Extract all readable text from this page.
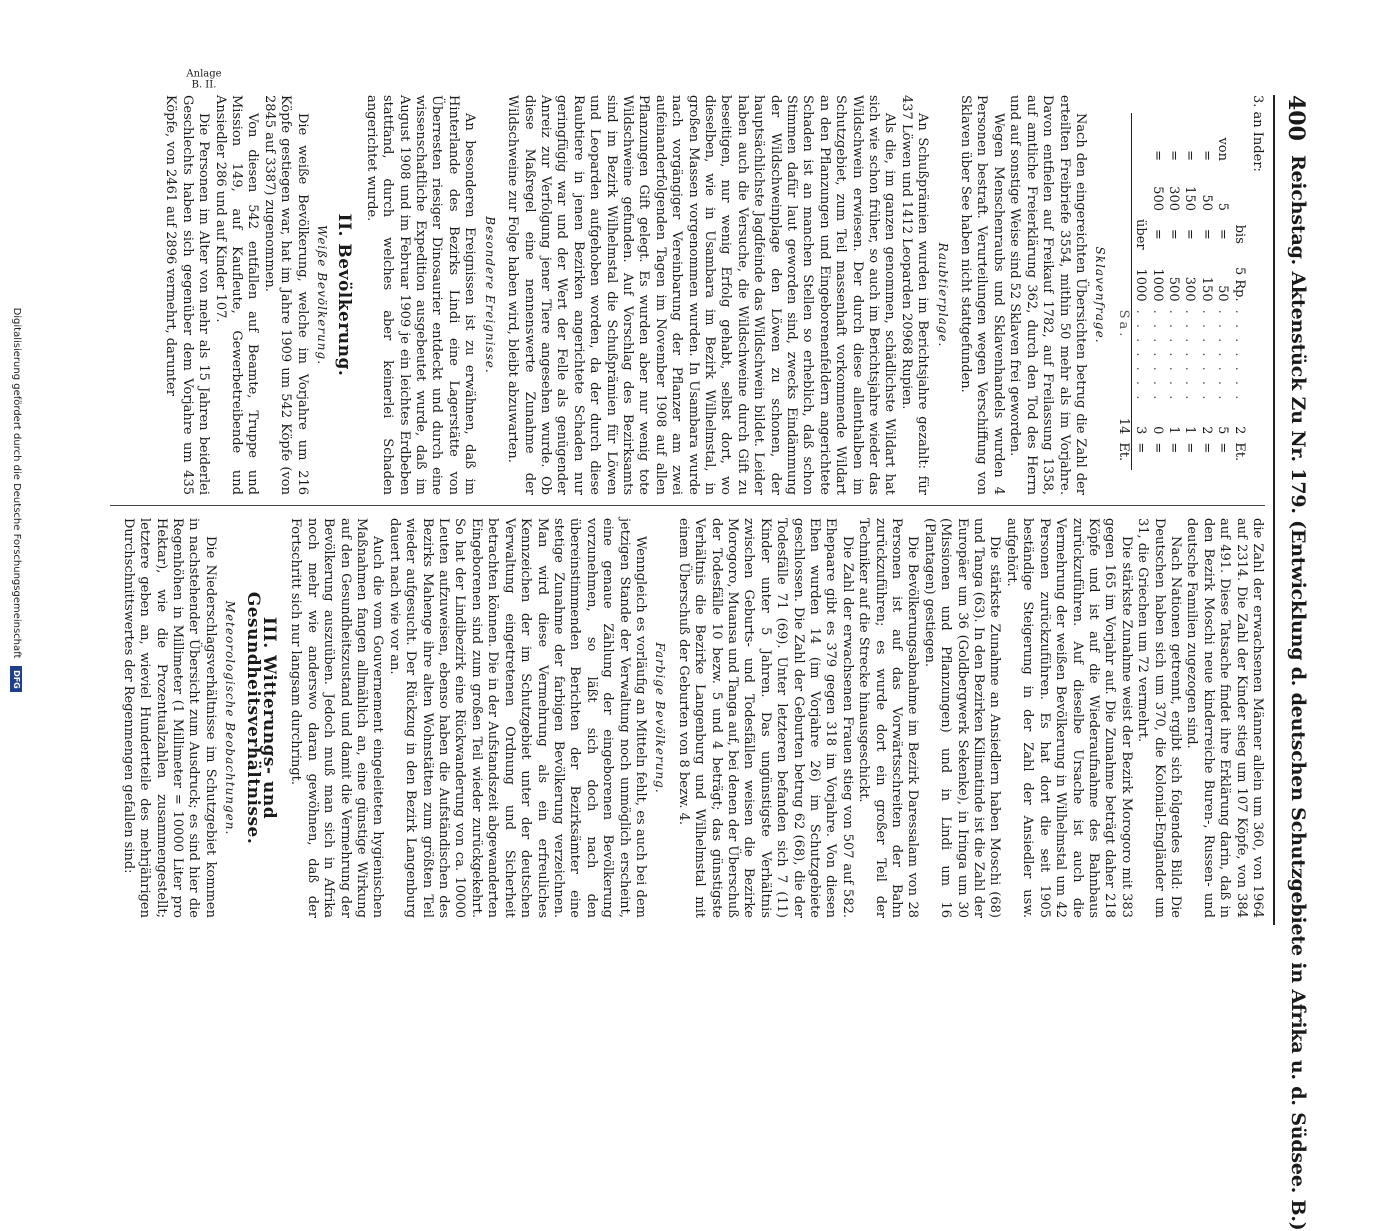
400
Reichstag. Aktenstück Zu Nr. 179. (Entwicklung d. deutschen Schutzgebiete in Afrika u. d. Südsee. B.)
Anlage
B. II.

3. an Inder:

		bis	5 Rp.	. . . . . . .	2	Et.
von	5	=	50	. . . . . . .	5	=
=	50	=	150	. . . . . . .	2	=
=	150	=	300	. . . . . . .	1	=
=	300	=	500	. . . . . . .	1	=
=	500	=	1000	. . . . . . .	0	=
		über	1000	. . . . . . .	3	=
				Sa.	14	Et.
Sklavenfrage.

Nach den eingereichten Übersichten betrug die Zahl der erteilten Freibriefe 3554, mithin 50 mehr als im Vorjahre. Davon entfielen auf Freikauf 1782, auf Freilassung 1358, auf amtliche Freierklärung 362, durch den Tod des Herrn und auf sonstige Weise sind 52 Sklaven frei geworden.

Wegen Menschenraubs und Sklavenhandels wurden 4 Personen bestraft. Verurteilungen wegen Verschiffung von Sklaven über See haben nicht stattgefunden.

Raubtierplage.

An Schußprämien wurden im Berichtsjahre gezahlt: für 437 Löwen und 1412 Leoparden 20968 Rupien.

Als die, im ganzen genommen, schädlichste Wildart hat sich wie schon früher, so auch im Berichtsjahre wieder das Wildschwein erwiesen. Der durch diese allenthalben im Schutzgebiet, zum Teil massenhaft vorkommende Wildart an den Pflanzungen und Eingeborenenfeldern angerichtete Schaden ist an manchen Stellen so erheblich, daß schon Stimmen dafür laut geworden sind, zwecks Eindämmung der Wildschweinplage den Löwen zu schonen, der hauptsächlichste Jagdfeinde das Wildschwein bildet. Leider haben auch die Versuche, die Wildschweine durch Gift zu beseitigen, nur wenig Erfolg gehabt, selbst dort, wo dieselben, wie in Usambara im Bezirk Wilhelmstal, in großen Massen vorgenommen wurden. In Usambara wurde nach vorgängiger Vereinbarung der Pflanzer am zwei aufeinanderfolgenden Tagen im November 1908 auf allen Pflanzungen Gift gelegt. Es wurden aber nur wenig tote Wildschweine gefunden. Auf Vorschlag des Bezirksamts sind im Bezirk Wilhelmstal die Schußprämien für Löwen und Leoparden aufgehoben worden, da der durch diese Raubtiere in jenen Bezirken angerichtete Schaden nur geringfügig war und der Wert der Felle als genügender Anreiz zur Verfolgung jener Tiere angesehen wurde. Ob diese Maßregel eine nennenswerte Zunahme der Wildschweine zur Folge haben wird, bleibt abzuwarten.

Besondere Ereignisse.

An besonderen Ereignissen ist zu erwähnen, daß im Hinterlande des Bezirks Lindi eine Lagerstätte von Überresten riesiger Dinosaurier entdeckt und durch eine wissenschaftliche Expedition ausgebeutet wurde, daß im August 1908 und im Februar 1909 je ein leichtes Erdbeben stattfand, durch welches aber keinerlei Schaden angerichtet wurde.

II. Bevölkerung.
Weiße Bevölkerung.

Die weiße Bevölkerung, welche im Vorjahre um 216 Köpfe gestiegen war, hat im Jahre 1909 um 542 Köpfe (von 2845 auf 3387) zugenommen.

Von diesen 542 entfallen auf Beamte, Truppe und Mission 149, auf Kaufleute, Gewerbetreibende und Ansiedler 286 und auf Kinder 107.

Die Personen im Alter von mehr als 15 Jahren beiderlei Geschlechts haben sich gegenüber dem Vorjahre um 435 Köpfe, von 2461 auf 2896 vermehrt, darunter

die Zahl der erwachsenen Männer allein um 360, von 1964 auf 2314. Die Zahl der Kinder stieg um 107 Köpfe, von 384 auf 491. Diese Tatsache findet ihre Erklärung darin, daß in den Bezirk Moschi neue kinderreiche Buren-, Russen- und deutsche Familien zugezogen sind.

Nach Nationen getrennt, ergibt sich folgendes Bild: Die Deutschen haben sich um 370, die Kolonial-Engländer um 31, die Griechen um 72 vermehrt.

Die stärkste Zunahme weist der Bezirk Morogoro mit 383 gegen 165 im Vorjahr auf. Die Zunahme beträgt daher 218 Köpfe und ist auf die Wiederaufnahme des Bahnbaus zurückzuführen. Auf dieselbe Ursache ist auch die Vermehrung der weißen Bevölkerung in Wilhelmstal um 42 Personen zurückzuführen. Es hat dort die seit 1905 beständige Steigerung in der Zahl der Ansiedler usw. aufgehört.

Die stärkste Zunahme an Ansiedlern haben Moschi (68) und Tanga (63). In den Bezirken Kilimatinde ist die Zahl der Europäer um 36 (Goldbergwerk Sekenke), in Iringa um 30 (Missionen und Pflanzungen) und in Lindi um 16 (Plantagen) gestiegen.

Die Bevölkerungsabnahme im Bezirk Daressalam von 28 Personen ist auf das Vorwärtsschreiten der Bahn zurückzuführen; es wurde dort ein großer Teil der Techniker auf die Strecke hinausgeschickt.

Die Zahl der erwachsenen Frauen stieg von 507 auf 582. Ehepaare gibt es 379 gegen 318 im Vorjahre. Von diesen Ehen wurden 14 (im Vorjahre 26) im Schutzgebiete geschlossen. Die Zahl der Geburten betrug 62 (68), die der Todesfälle 71 (69). Unter letzteren befanden sich 7 (11) Kinder unter 5 Jahren. Das ungünstigste Verhältnis zwischen Geburts- und Todesfällen weisen die Bezirke Morogoro, Muansa und Tanga auf, bei denen der Überschuß der Todesfälle 10 bezw. 5 und 4 beträgt; das günstigste Verhältnis die Bezirke Langenburg und Wilhelmstal mit einem Überschuß der Geburten von 8 bezw. 4.

Farbige Bevölkerung.

Wenngleich es vorläufig an Mitteln fehlt, es auch bei dem jetzigen Stande der Verwaltung noch unmöglich erscheint, eine genaue Zählung der eingeborenen Bevölkerung vorzunehmen, so läßt sich doch nach den übereinstimmenden Berichten der Bezirksämter eine stetige Zunahme der farbigen Bevölkerung verzeichnen. Man wird diese Vermehrung als ein erfreuliches Kennzeichen der im Schutzgebiet unter der deutschen Verwaltung eingetretenen Ordnung und Sicherheit betrachten können. Die in der Aufstandszeit abgewanderten Eingeborenen sind zum großen Teil wieder zurückgekehrt. So hat der Lindibezirk eine Rückwanderung von ca. 10000 Leuten aufzuweisen, ebenso haben die Aufständischen des Bezirks Mahenge ihre alten Wohnstätten zum größten Teil wieder aufgesucht. Der Rückzug in den Bezirk Langenburg dauert nach wie vor an.

Auch die vom Gouvernement eingeleiteten hygienischen Maßnahmen fangen allmählich an, eine günstige Wirkung auf den Gesundheitszustand und damit die Vermehrung der Bevölkerung auszuüben. Jedoch muß man sich in Afrika noch mehr wie anderswo daran gewöhnen, daß der Fortschritt sich nur langsam durchringt.

III. Witterungs- und Gesundheitsverhältnisse.
Meteorologische Beobachtungen.

Die Niederschlagsverhältnisse im Schutzgebiet kommen in nachstehender Übersicht zum Ausdruck; es sind hier die Regenhöhen in Millimeter (1 Millimeter = 10000 Liter pro Hektar), wie die Prozentualzahlen zusammengestellt; letztere geben an, wieviel Hundertteile des mehrjährigen Durchschnittswertes der Regenmengen gefallen sind:

Digitalisierung gefördert durch die Deutsche Forschungsgemeinschaft
DFG
